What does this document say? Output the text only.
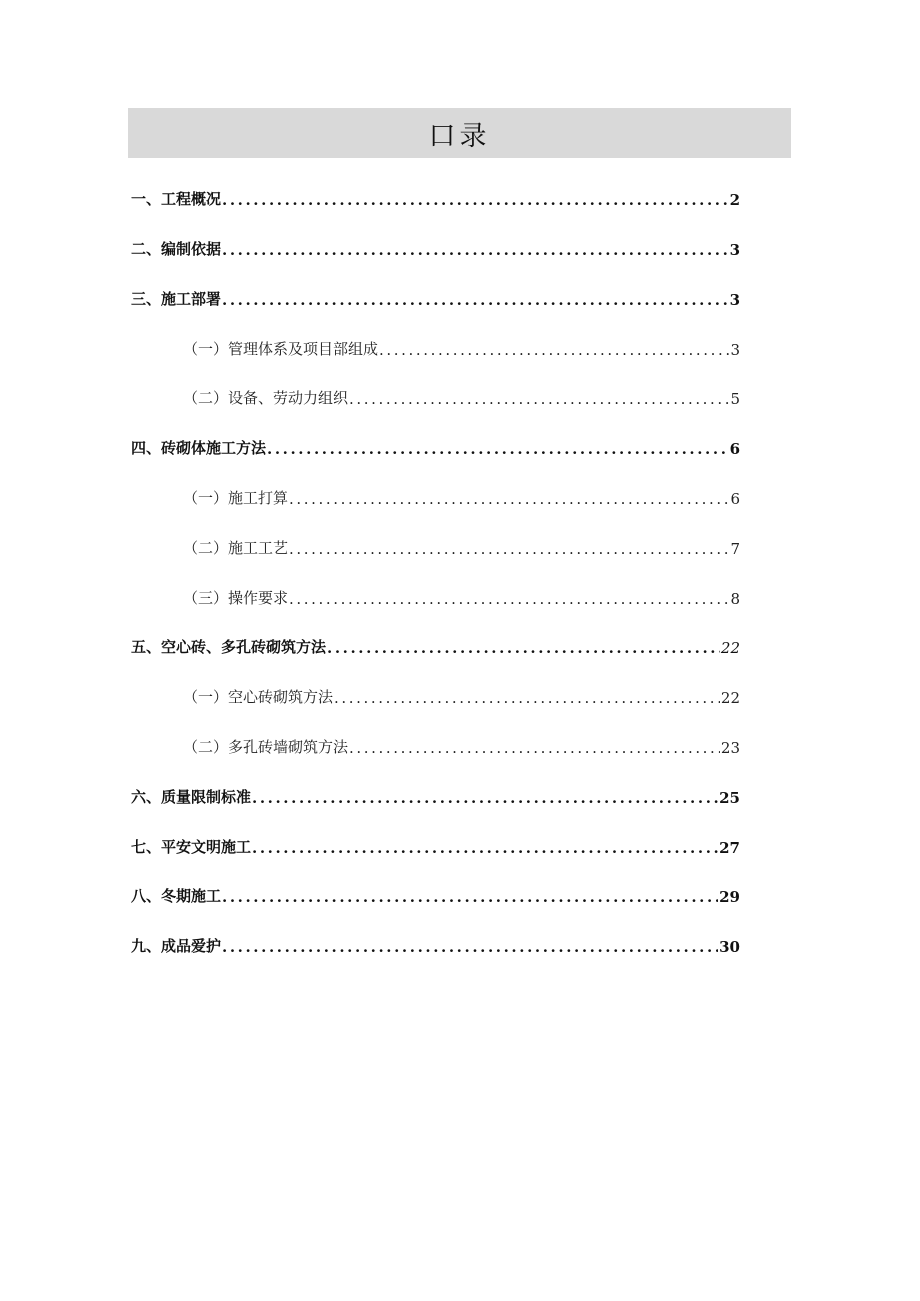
口录
一、工程概况 .....	2
二、编制依据 .....	3
三、施工部署 .....	3
（一）管理体系及项目部组成 .....	3
（二）设备、劳动力组织 .....	5
四、砖砌体施工方法 .....	6
（一）施工打算 .....	6
（二）施工工艺 .....	7
（三）操作要求 .....	8
五、空心砖、多孔砖砌筑方法 .....	22
（一）空心砖砌筑方法 .....	22
（二）多孔砖墙砌筑方法 .....	23
六、质量限制标准 .....	25
七、平安文明施工 .....	27
八、冬期施工 .....	29
九、成品爱护 .....	30
